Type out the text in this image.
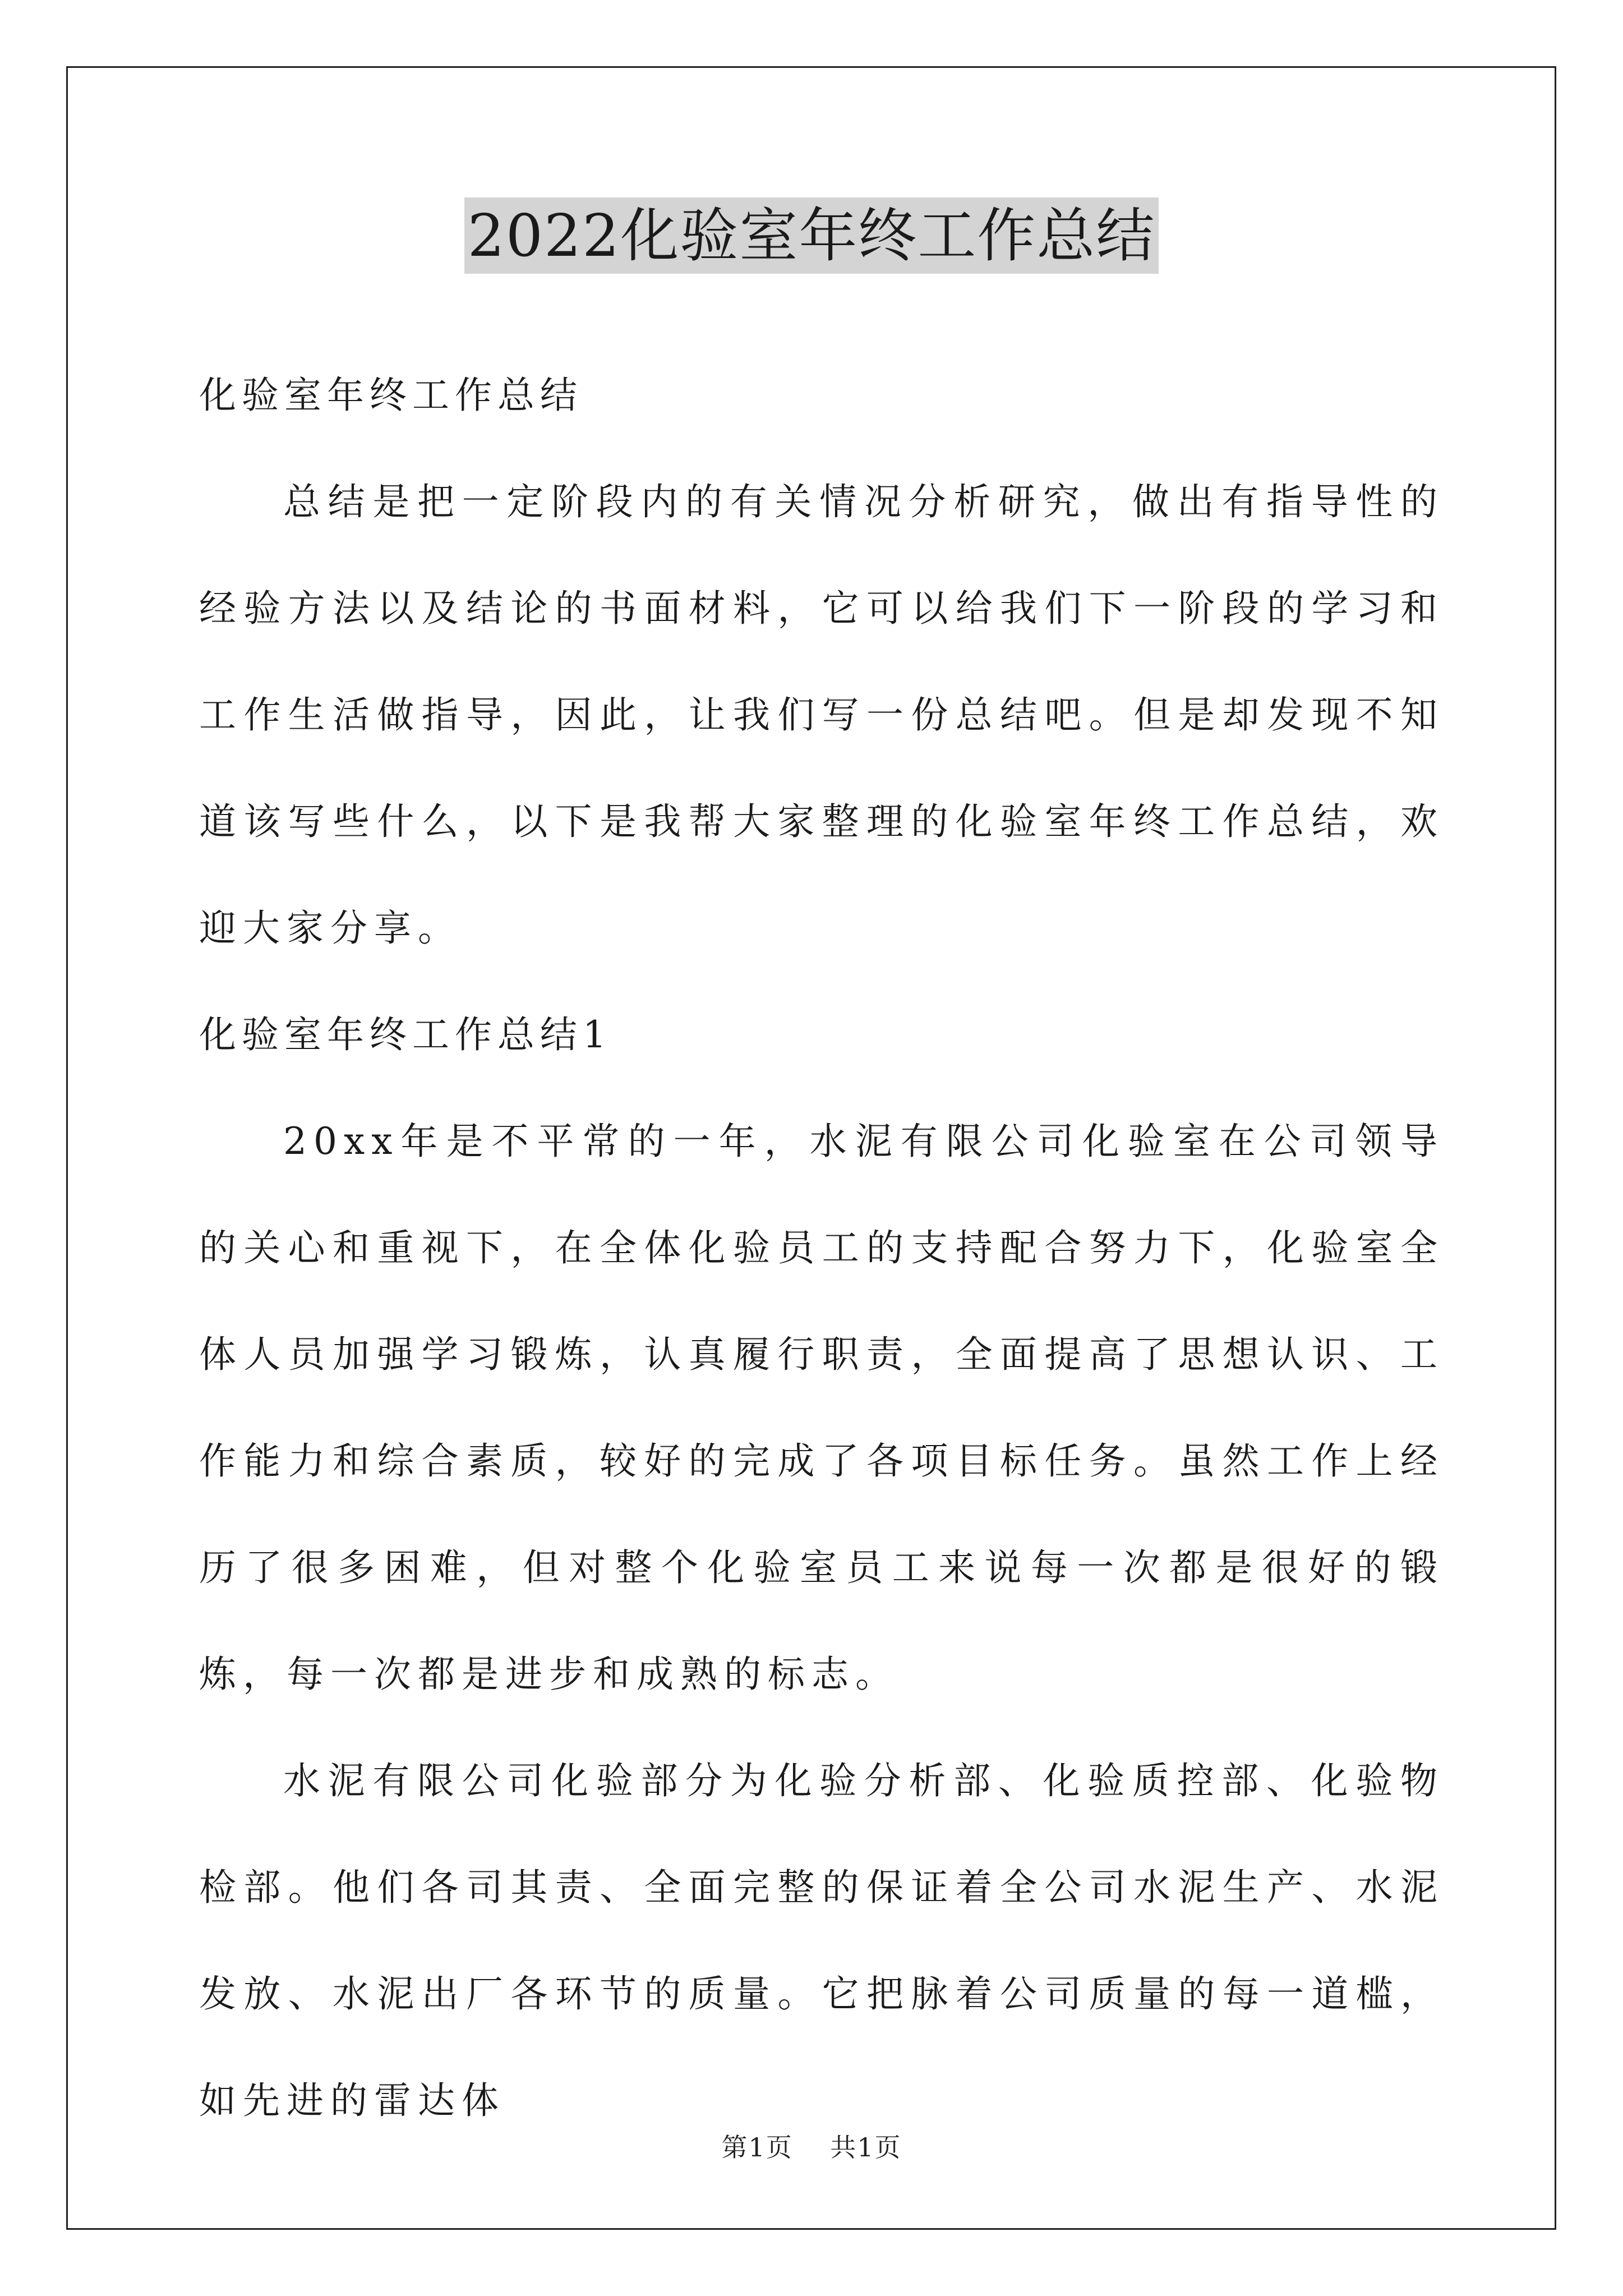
2022化验室年终工作总结

化验室年终工作总结

总结是把一定阶段内的有关情况分析研究，做出有指导性的经验方法以及结论的书面材料，它可以给我们下一阶段的学习和工作生活做指导，因此，让我们写一份总结吧。但是却发现不知道该写些什么，以下是我帮大家整理的化验室年终工作总结，欢迎大家分享。

化验室年终工作总结1

20xx年是不平常的一年，水泥有限公司化验室在公司领导的关心和重视下，在全体化验员工的支持配合努力下，化验室全体人员加强学习锻炼，认真履行职责，全面提高了思想认识、工作能力和综合素质，较好的完成了各项目标任务。虽然工作上经历了很多困难，但对整个化验室员工来说每一次都是很好的锻炼，每一次都是进步和成熟的标志。

水泥有限公司化验部分为化验分析部、化验质控部、化验物检部。他们各司其责、全面完整的保证着全公司水泥生产、水泥发放、水泥出厂各环节的质量。它把脉着公司质量的每一道槛，如先进的雷达体

第1页 共1页
